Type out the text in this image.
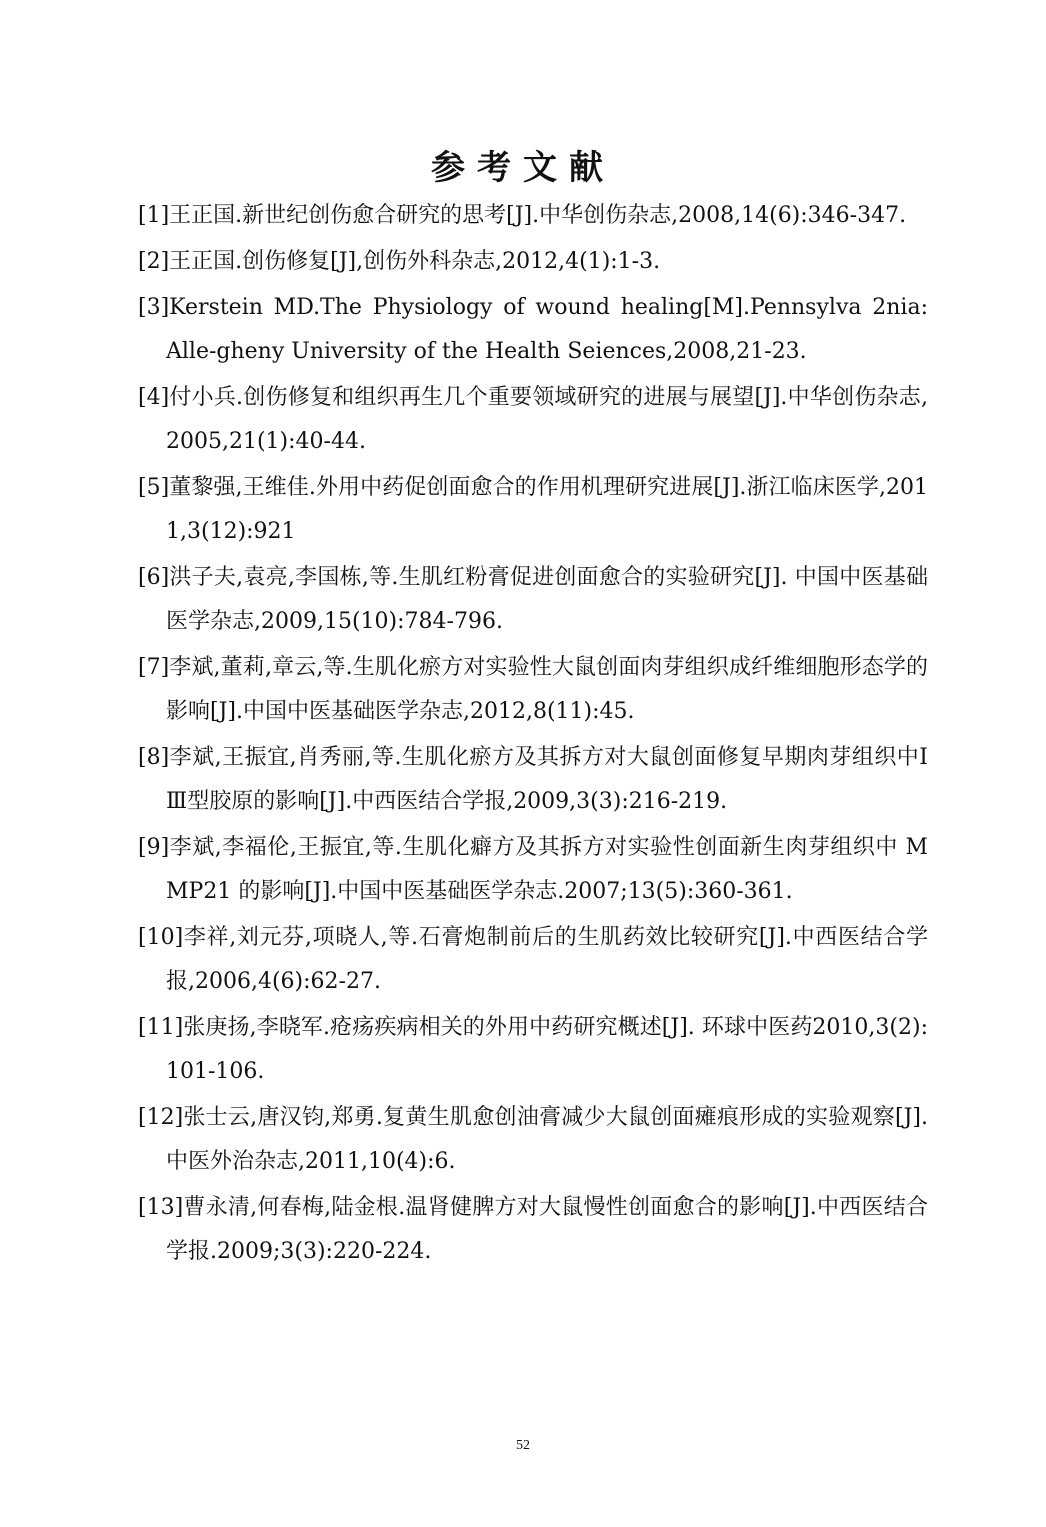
参考文献
[1]王正国.新世纪创伤愈合研究的思考[J].中华创伤杂志,2008,14(6):346-347.
[2]王正国.创伤修复[J],创伤外科杂志,2012,4(1):1-3.
[3]Kerstein MD.The Physiology of wound healing[M].Pennsylva 2nia: Alle-gheny University of the Health Seiences,2008,21-23.
[4]付小兵.创伤修复和组织再生几个重要领域研究的进展与展望[J].中华创伤杂志,2005,21(1):40-44.
[5]董黎强,王维佳.外用中药促创面愈合的作用机理研究进展[J].浙江临床医学,2011,3(12):921
[6]洪子夫,袁亮,李国栋,等.生肌红粉膏促进创面愈合的实验研究[J]. 中国中医基础医学杂志,2009,15(10):784-796.
[7]李斌,董莉,章云,等.生肌化瘀方对实验性大鼠创面肉芽组织成纤维细胞形态学的影响[J].中国中医基础医学杂志,2012,8(11):45.
[8]李斌,王振宜,肖秀丽,等.生肌化瘀方及其拆方对大鼠创面修复早期肉芽组织中ⅠⅢ型胶原的影响[J].中西医结合学报,2009,3(3):216-219.
[9]李斌,李福伦,王振宜,等.生肌化癖方及其拆方对实验性创面新生肉芽组织中 MMP21 的影响[J].中国中医基础医学杂志.2007;13(5):360-361.
[10]李祥,刘元芬,项晓人,等.石膏炮制前后的生肌药效比较研究[J].中西医结合学报,2006,4(6):62-27.
[11]张庚扬,李晓军.疮疡疾病相关的外用中药研究概述[J]. 环球中医药2010,3(2):101-106.
[12]张士云,唐汉钧,郑勇.复黄生肌愈创油膏减少大鼠创面瘫痕形成的实验观察[J].中医外治杂志,2011,10(4):6.
[13]曹永清,何春梅,陆金根.温肾健脾方对大鼠慢性创面愈合的影响[J].中西医结合学报.2009;3(3):220-224.
52
